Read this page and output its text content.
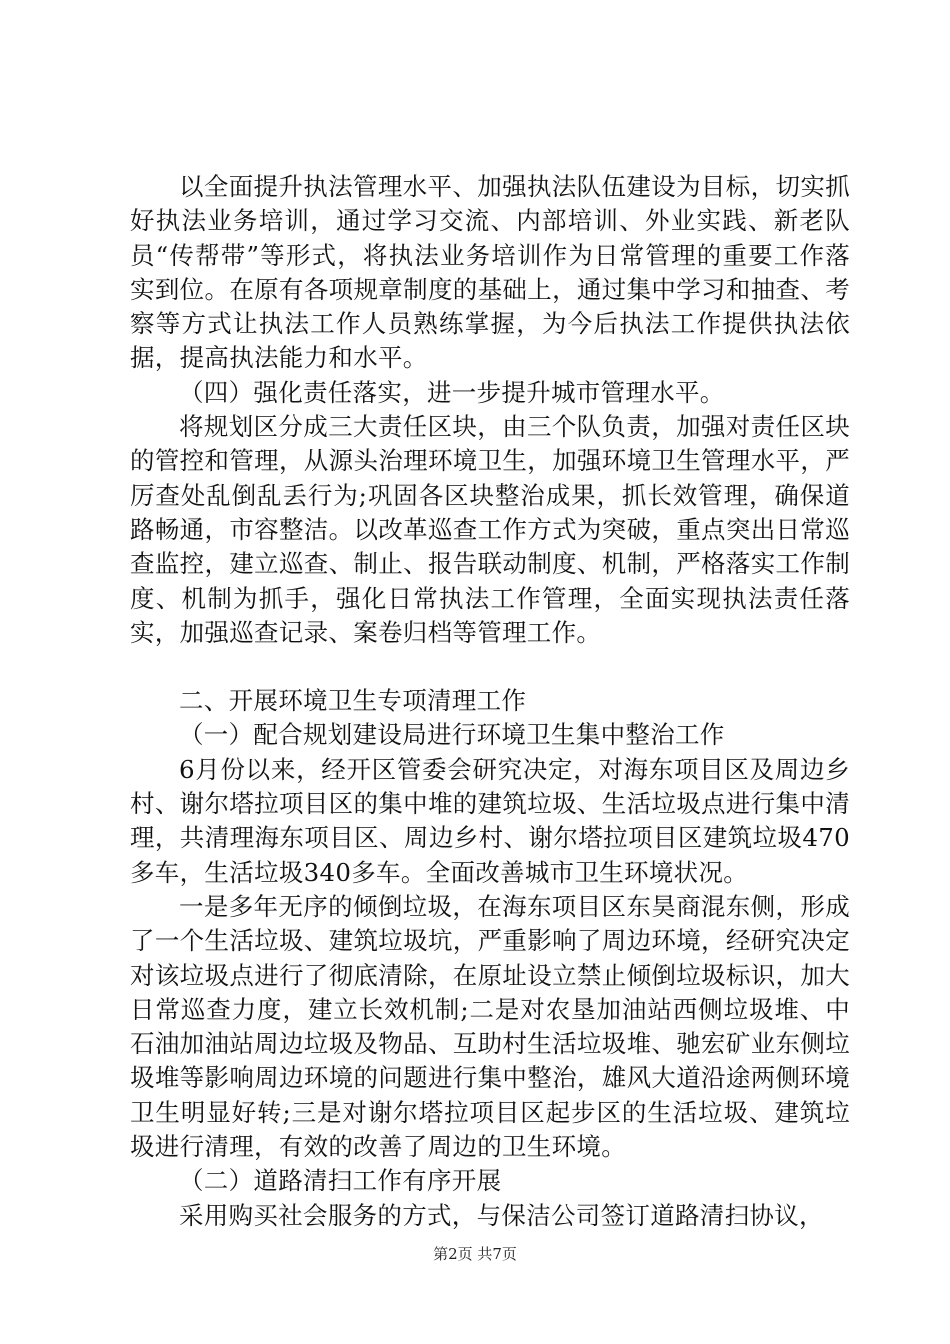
以全面提升执法管理水平、加强执法队伍建设为目标，切实抓好执法业务培训，通过学习交流、内部培训、外业实践、新老队员“传帮带”等形式，将执法业务培训作为日常管理的重要工作落实到位。在原有各项规章制度的基础上，通过集中学习和抽查、考察等方式让执法工作人员熟练掌握，为今后执法工作提供执法依据，提高执法能力和水平。

（四）强化责任落实，进一步提升城市管理水平。

将规划区分成三大责任区块，由三个队负责，加强对责任区块的管控和管理，从源头治理环境卫生，加强环境卫生管理水平，严厉查处乱倒乱丢行为;巩固各区块整治成果，抓长效管理，确保道路畅通，市容整洁。以改革巡查工作方式为突破，重点突出日常巡查监控，建立巡查、制止、报告联动制度、机制，严格落实工作制度、机制为抓手，强化日常执法工作管理，全面实现执法责任落实，加强巡查记录、案卷归档等管理工作。

二、开展环境卫生专项清理工作

（一）配合规划建设局进行环境卫生集中整治工作

6月份以来，经开区管委会研究决定，对海东项目区及周边乡村、谢尔塔拉项目区的集中堆的建筑垃圾、生活垃圾点进行集中清理，共清理海东项目区、周边乡村、谢尔塔拉项目区建筑垃圾470多车，生活垃圾340多车。全面改善城市卫生环境状况。

一是多年无序的倾倒垃圾，在海东项目区东昊商混东侧，形成了一个生活垃圾、建筑垃圾坑，严重影响了周边环境，经研究决定对该垃圾点进行了彻底清除，在原址设立禁止倾倒垃圾标识，加大日常巡查力度，建立长效机制;二是对农垦加油站西侧垃圾堆、中石油加油站周边垃圾及物品、互助村生活垃圾堆、驰宏矿业东侧垃圾堆等影响周边环境的问题进行集中整治，雄风大道沿途两侧环境卫生明显好转;三是对谢尔塔拉项目区起步区的生活垃圾、建筑垃圾进行清理，有效的改善了周边的卫生环境。

（二）道路清扫工作有序开展

采用购买社会服务的方式，与保洁公司签订道路清扫协议，

第2页 共7页
